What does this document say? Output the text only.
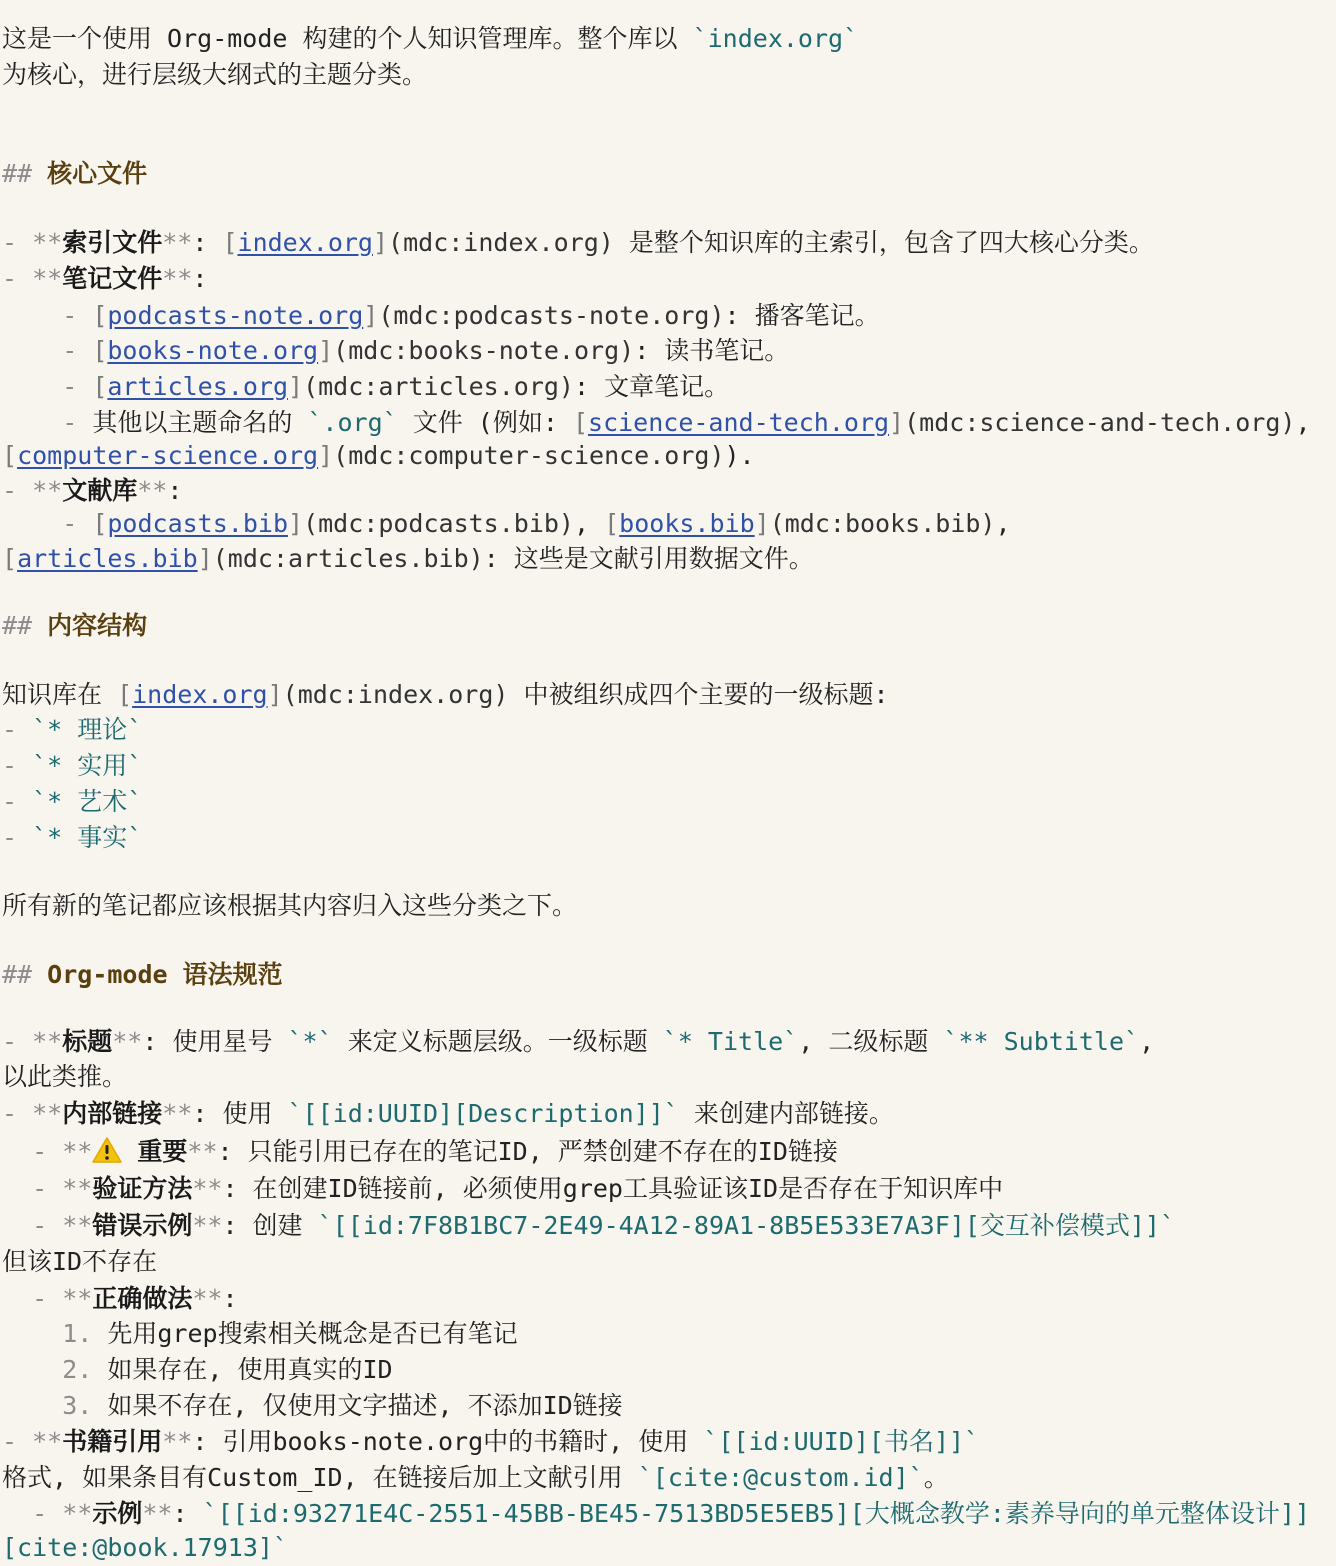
这是一个使用 Org-mode 构建的个人知识管理库。整个库以 `index.org`
为核心，进行层级大纲式的主题分类。
## 核心文件
- **索引文件**: [index.org](mdc:index.org) 是整个知识库的主索引，包含了四大核心分类。
- **笔记文件**:
- [podcasts-note.org](mdc:podcasts-note.org): 播客笔记。
- [books-note.org](mdc:books-note.org): 读书笔记。
- [articles.org](mdc:articles.org): 文章笔记。
- 其他以主题命名的 `.org` 文件 (例如: [science-and-tech.org](mdc:science-and-tech.org),
[computer-science.org](mdc:computer-science.org)).
- **文献库**:
- [podcasts.bib](mdc:podcasts.bib), [books.bib](mdc:books.bib),
[articles.bib](mdc:articles.bib): 这些是文献引用数据文件。
## 内容结构
知识库在 [index.org](mdc:index.org) 中被组织成四个主要的一级标题:
- `* 理论`
- `* 实用`
- `* 艺术`
- `* 事实`
所有新的笔记都应该根据其内容归入这些分类之下。
## Org-mode 语法规范
- **标题**: 使用星号 `*` 来定义标题层级。一级标题 `* Title`, 二级标题 `** Subtitle`,
以此类推。
- **内部链接**: 使用 `[[id:UUID][Description]]` 来创建内部链接。
- ** 重要**: 只能引用已存在的笔记ID, 严禁创建不存在的ID链接
- **验证方法**: 在创建ID链接前, 必须使用grep工具验证该ID是否存在于知识库中
- **错误示例**: 创建 `[[id:7F8B1BC7-2E49-4A12-89A1-8B5E533E7A3F][交互补偿模式]]`
但该ID不存在
- **正确做法**:
1. 先用grep搜索相关概念是否已有笔记
2. 如果存在, 使用真实的ID
3. 如果不存在, 仅使用文字描述, 不添加ID链接
- **书籍引用**: 引用books-note.org中的书籍时, 使用 `[[id:UUID][书名]]`
格式, 如果条目有Custom_ID, 在链接后加上文献引用 `[cite:@custom.id]`。
- **示例**: `[[id:93271E4C-2551-45BB-BE45-7513BD5E5EB5][大概念教学:素养导向的单元整体设计]]
[cite:@book.17913]`
